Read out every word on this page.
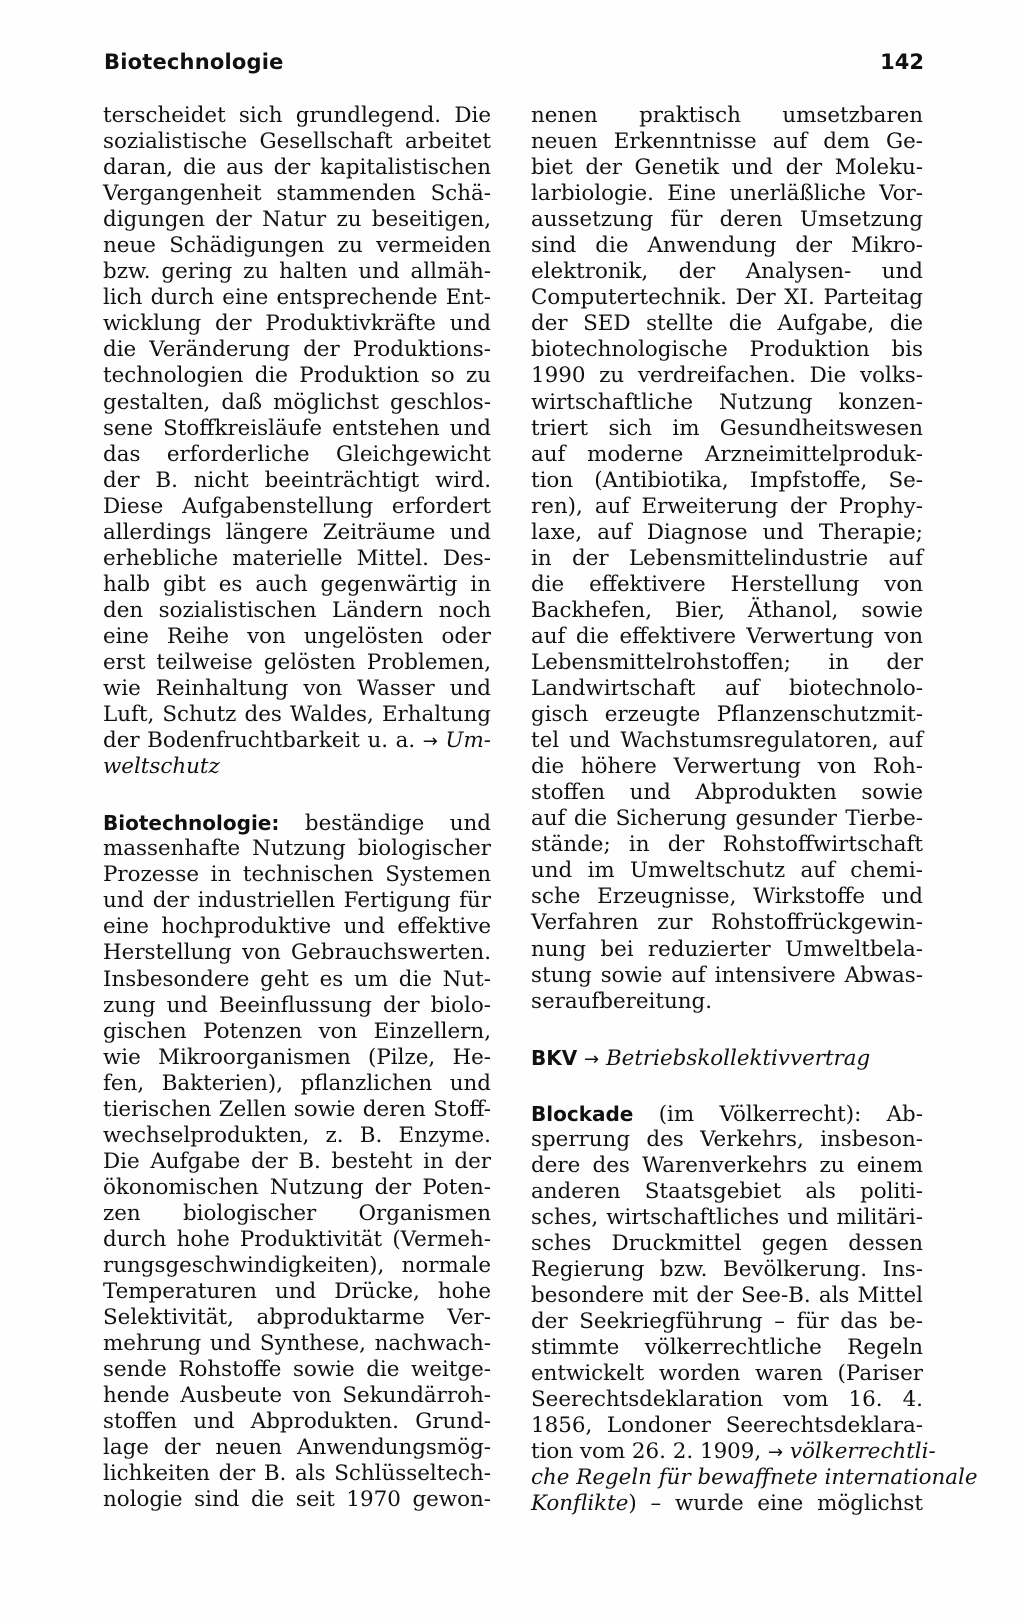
Biotechnologie	142
terscheidet sich grundlegend. Die
sozialistische Gesellschaft arbeitet
daran, die aus der kapitalistischen
Vergangenheit stammenden Schä-
digungen der Natur zu beseitigen,
neue Schädigungen zu vermeiden
bzw. gering zu halten und allmäh-
lich durch eine entsprechende Ent-
wicklung der Produktivkräfte und
die Veränderung der Produktions-
technologien die Produktion so zu
gestalten, daß möglichst geschlos-
sene Stoffkreisläufe entstehen und
das erforderliche Gleichgewicht
der B. nicht beeinträchtigt wird.
Diese Aufgabenstellung erfordert
allerdings längere Zeiträume und
erhebliche materielle Mittel. Des-
halb gibt es auch gegenwärtig in
den sozialistischen Ländern noch
eine Reihe von ungelösten oder
erst teilweise gelösten Problemen,
wie Reinhaltung von Wasser und
Luft, Schutz des Waldes, Erhaltung
der Bodenfruchtbarkeit u. a. → Um-
weltschutz
Biotechnologie: beständige und
massenhafte Nutzung biologischer
Prozesse in technischen Systemen
und der industriellen Fertigung für
eine hochproduktive und effektive
Herstellung von Gebrauchswerten.
Insbesondere geht es um die Nut-
zung und Beeinflussung der biolo-
gischen Potenzen von Einzellern,
wie Mikroorganismen (Pilze, He-
fen, Bakterien), pflanzlichen und
tierischen Zellen sowie deren Stoff-
wechselprodukten, z. B. Enzyme.
Die Aufgabe der B. besteht in der
ökonomischen Nutzung der Poten-
zen biologischer Organismen
durch hohe Produktivität (Vermeh-
rungsgeschwindigkeiten), normale
Temperaturen und Drücke, hohe
Selektivität, abproduktarme Ver-
mehrung und Synthese, nachwach-
sende Rohstoffe sowie die weitge-
hende Ausbeute von Sekundärroh-
stoffen und Abprodukten. Grund-
lage der neuen Anwendungsmög-
lichkeiten der B. als Schlüsseltech-
nologie sind die seit 1970 gewon-
nenen praktisch umsetzbaren
neuen Erkenntnisse auf dem Ge-
biet der Genetik und der Moleku-
larbiologie. Eine unerläßliche Vor-
aussetzung für deren Umsetzung
sind die Anwendung der Mikro-
elektronik, der Analysen- und
Computertechnik. Der XI. Parteitag
der SED stellte die Aufgabe, die
biotechnologische Produktion bis
1990 zu verdreifachen. Die volks-
wirtschaftliche Nutzung konzen-
triert sich im Gesundheitswesen
auf moderne Arzneimittelproduk-
tion (Antibiotika, Impfstoffe, Se-
ren), auf Erweiterung der Prophy-
laxe, auf Diagnose und Therapie;
in der Lebensmittelindustrie auf
die effektivere Herstellung von
Backhefen, Bier, Äthanol, sowie
auf die effektivere Verwertung von
Lebensmittelrohstoffen; in der
Landwirtschaft auf biotechnolo-
gisch erzeugte Pflanzenschutzmit-
tel und Wachstumsregulatoren, auf
die höhere Verwertung von Roh-
stoffen und Abprodukten sowie
auf die Sicherung gesunder Tierbe-
stände; in der Rohstoffwirtschaft
und im Umweltschutz auf chemi-
sche Erzeugnisse, Wirkstoffe und
Verfahren zur Rohstoffrückgewin-
nung bei reduzierter Umweltbela-
stung sowie auf intensivere Abwas-
seraufbereitung.
BKV → Betriebskollektivvertrag
Blockade (im Völkerrecht): Ab-
sperrung des Verkehrs, insbeson-
dere des Warenverkehrs zu einem
anderen Staatsgebiet als politi-
sches, wirtschaftliches und militäri-
sches Druckmittel gegen dessen
Regierung bzw. Bevölkerung. Ins-
besondere mit der See-B. als Mittel
der Seekriegführung – für das be-
stimmte völkerrechtliche Regeln
entwickelt worden waren (Pariser
Seerechtsdeklaration vom 16. 4.
1856, Londoner Seerechtsdeklara-
tion vom 26. 2. 1909, → völkerrechtli-
che Regeln für bewaffnete internationale
Konflikte) – wurde eine möglichst
